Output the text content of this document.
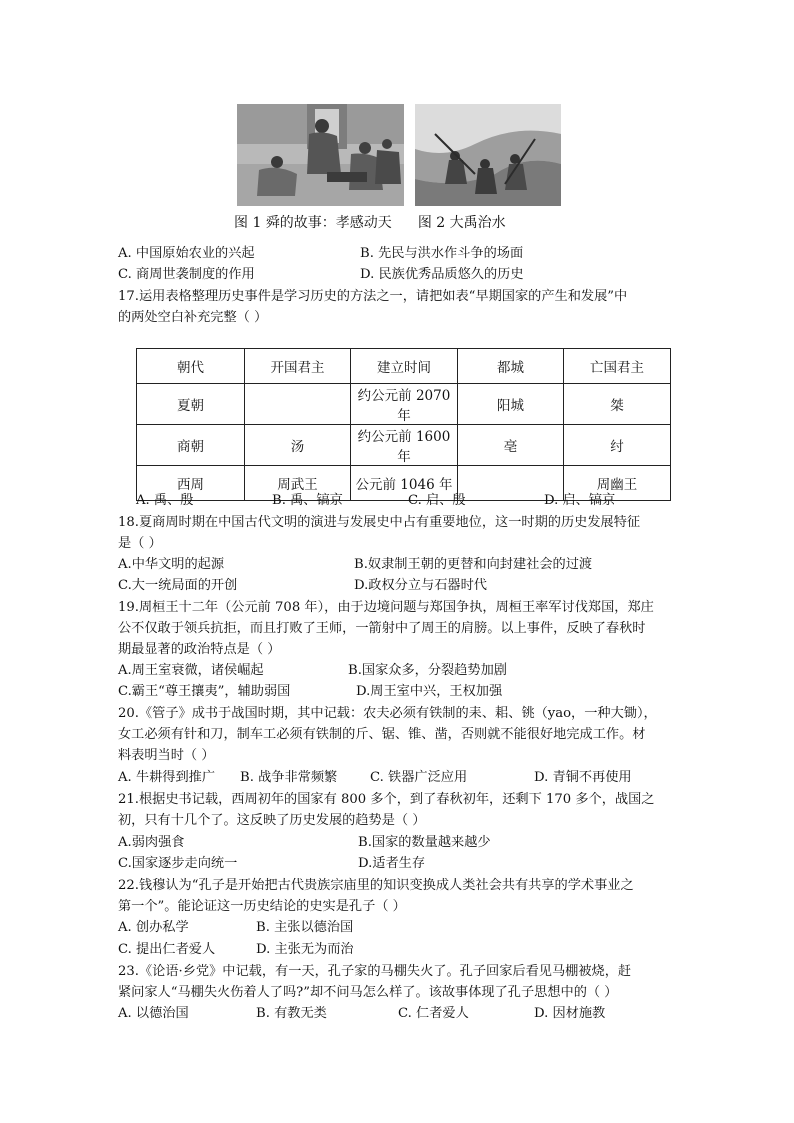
图 1 舜的故事：孝感动天 图 2 大禹治水
A. 中国原始农业的兴起	B. 先民与洪水作斗争的场面
C. 商周世袭制度的作用	D. 民族优秀品质悠久的历史
17.运用表格整理历史事件是学习历史的方法之一，请把如表“早期国家的产生和发展”中
的两处空白补充完整（ ）
朝代	开国君主	建立时间	都城	亡国君主
夏朝		约公元前 2070 年	阳城	桀
商朝	汤	约公元前 1600 年	亳	纣
西周	周武王	公元前 1046 年		周幽王
A. 禹、殷	B. 禹、镐京	C. 启、殷	D. 启、镐京
18.夏商周时期在中国古代文明的演进与发展史中占有重要地位，这一时期的历史发展特征
是（ ）
A.中华文明的起源	B.奴隶制王朝的更替和向封建社会的过渡
C.大一统局面的开创	D.政权分立与石器时代
19.周桓王十二年（公元前 708 年），由于边境问题与郑国争执，周桓王率军讨伐郑国，郑庄
公不仅敢于领兵抗拒，而且打败了王师，一箭射中了周王的肩膀。以上事件，反映了春秋时
期最显著的政治特点是（ ）
A.周王室衰微，诸侯崛起	B.国家众多，分裂趋势加剧
C.霸王“尊王攘夷”，辅助弱国	D.周王室中兴，王权加强
20.《管子》成书于战国时期，其中记载：农夫必须有铁制的耒、耜、铫（yao，一种大锄），
女工必须有针和刀，制车工必须有铁制的斤、锯、锥、凿，否则就不能很好地完成工作。材
料表明当时（ ）
A. 牛耕得到推广 B. 战争非常频繁 C. 铁器广泛应用	D. 青铜不再使用
21.根据史书记载，西周初年的国家有 800 多个，到了春秋初年，还剩下 170 多个，战国之
初，只有十几个了。这反映了历史发展的趋势是（ ）
A.弱肉强食	B.国家的数量越来越少
C.国家逐步走向统一	D.适者生存
22.钱穆认为“孔子是开始把古代贵族宗庙里的知识变换成人类社会共有共享的学术事业之
第一个”。能论证这一历史结论的史实是孔子（ ）
A. 创办私学	B. 主张以德治国
C. 提出仁者爱人	D. 主张无为而治
23.《论语·乡党》中记载，有一天，孔子家的马棚失火了。孔子回家后看见马棚被烧，赶
紧问家人“马棚失火伤着人了吗?”却不问马怎么样了。该故事体现了孔子思想中的（ ）
A. 以德治国	B. 有教无类	C. 仁者爱人	D. 因材施教
